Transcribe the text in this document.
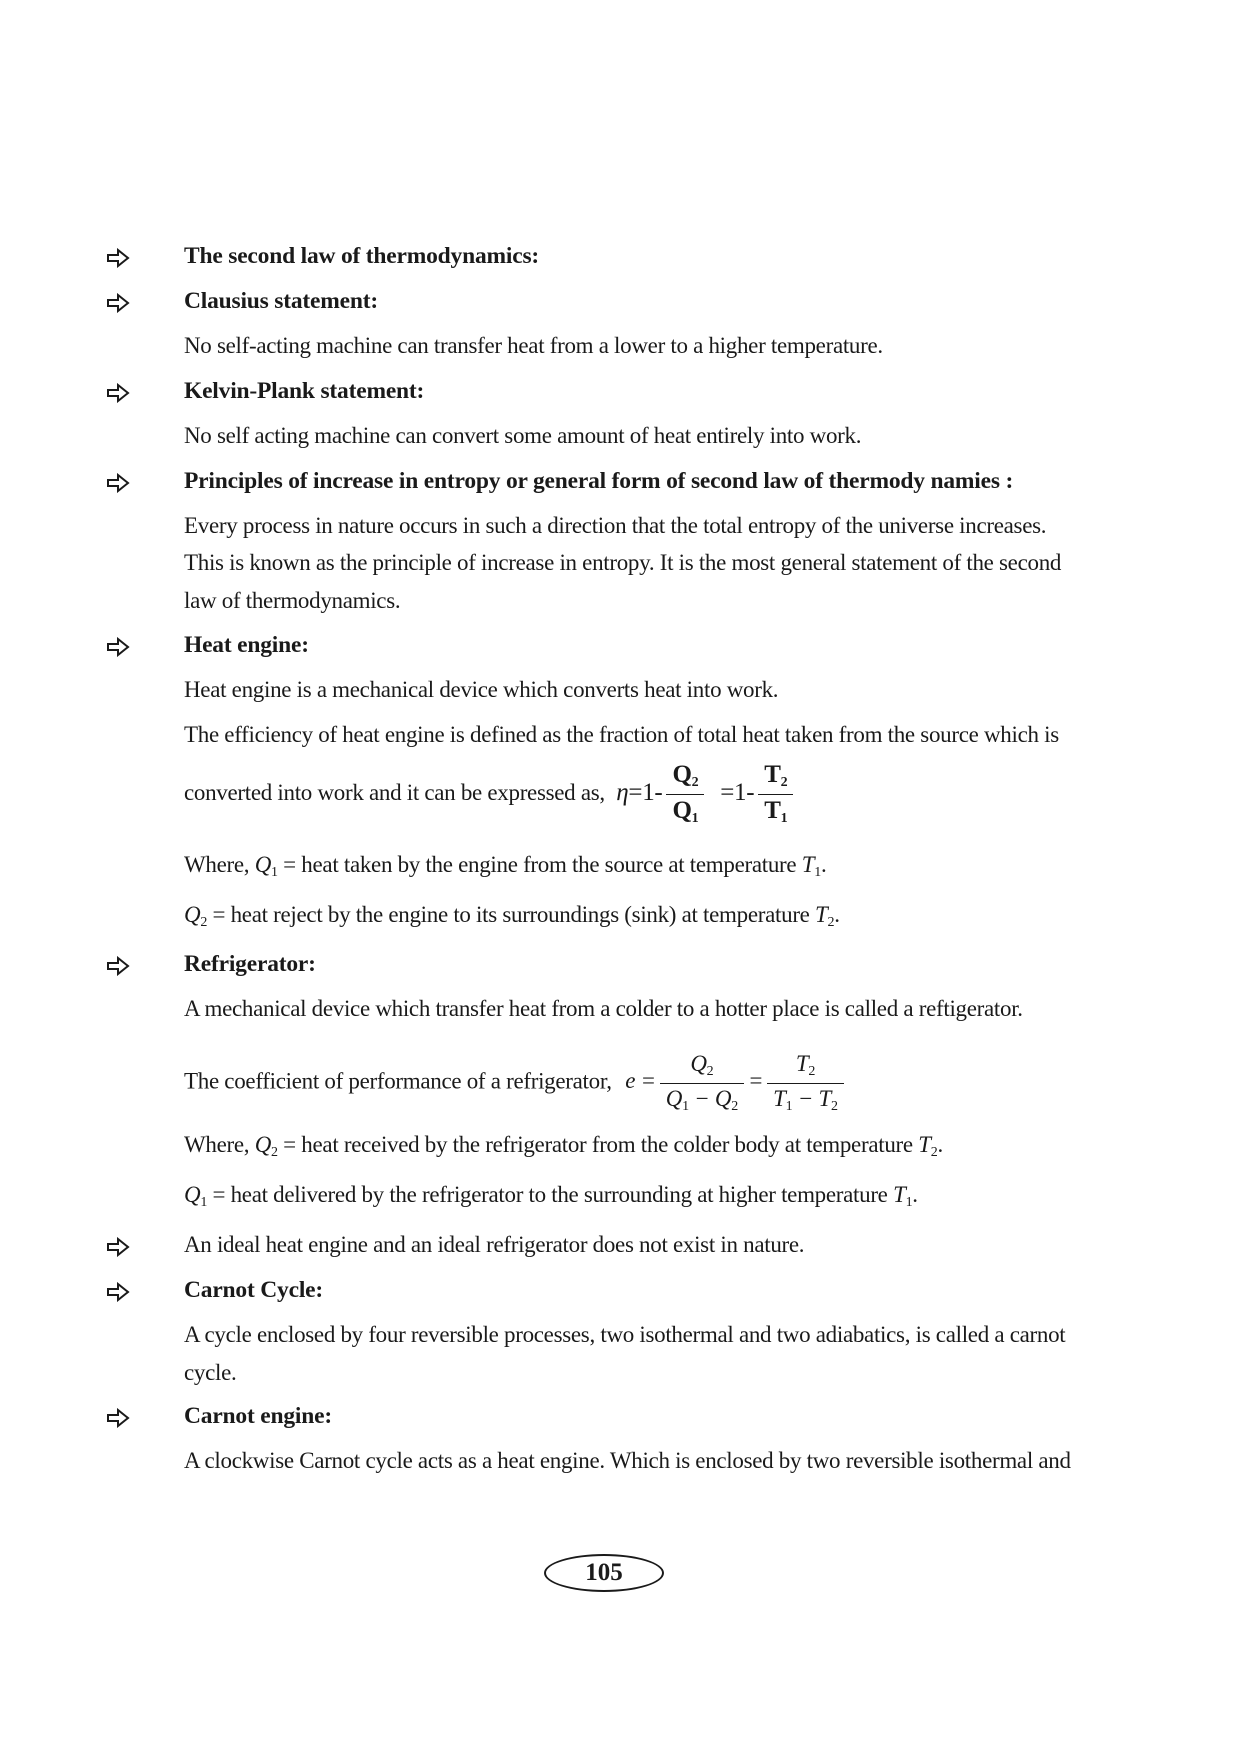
The second law of thermodynamics:
Clausius statement:
No self-acting machine can transfer heat from a lower to a higher temperature.
Kelvin-Plank statement:
No self acting machine can convert some amount of heat entirely into work.
Principles of increase in entropy or general form of second law of thermody namies :
Every process in nature occurs in such a direction that the total entropy of the universe increases.
This is known as the principle of increase in entropy. It is the most general statement of the second
law of thermodynamics.
Heat engine:
Heat engine is a mechanical device which converts heat into work.
The efficiency of heat engine is defined as the fraction of total heat taken from the source which is
converted into work and it can be expressed as, $\eta=1- \frac{Q_2}{Q_1} =1- \frac{T_2}{T_1}$
Where, $Q_1$ = heat taken by the engine from the source at temperature $T_1$.
$Q_2$ = heat reject by the engine to its surroundings (sink) at temperature $T_2$.
Refrigerator:
A mechanical device which transfer heat from a colder to a hotter place is called a reftigerator.
The coefficient of performance of a refrigerator, $e = \frac{Q_2}{Q_1 - Q_2} = \frac{T_2}{T_1 - T_2}$
Where, $Q_2$ = heat received by the refrigerator from the colder body at temperature $T_2$.
$Q_1$ = heat delivered by the refrigerator to the surrounding at higher temperature $T_1$.
An ideal heat engine and an ideal refrigerator does not exist in nature.
Carnot Cycle:
A cycle enclosed by four reversible processes, two isothermal and two adiabatics, is called a carnot
cycle.
Carnot engine:
A clockwise Carnot cycle acts as a heat engine. Which is enclosed by two reversible isothermal and
105
